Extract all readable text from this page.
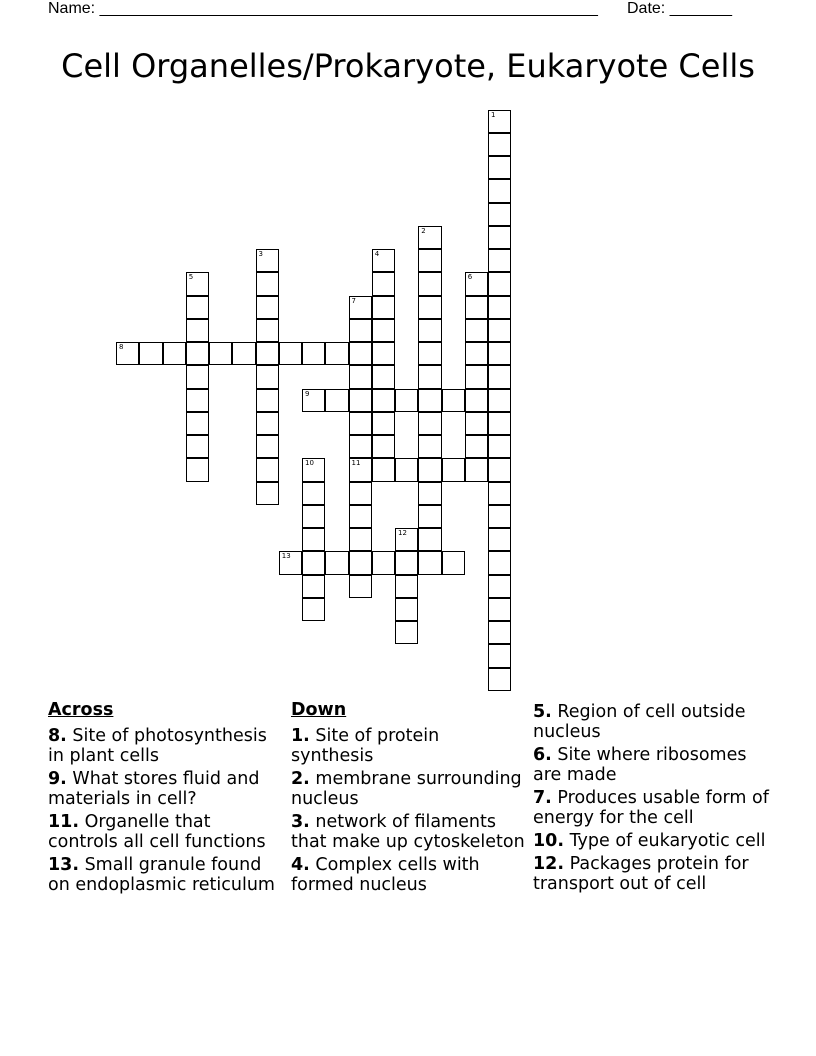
Name: ________________________________________________________ Date: _______
Cell Organelles/Prokaryote, Eukaryote Cells
1
2
3	4
5	6
7
11
8
9
10
12
13
Across
8. Site of photosynthesis in plant cells
9. What stores fluid and materials in cell?
11. Organelle that controls all cell functions
13. Small granule found on endoplasmic reticulum
Down
1. Site of protein synthesis
2. membrane surrounding nucleus
3. network of filaments that make up cytoskeleton
4. Complex cells with formed nucleus
5. Region of cell outside nucleus
6. Site where ribosomes are made
7. Produces usable form of energy for the cell
10. Type of eukaryotic cell
12. Packages protein for transport out of cell
